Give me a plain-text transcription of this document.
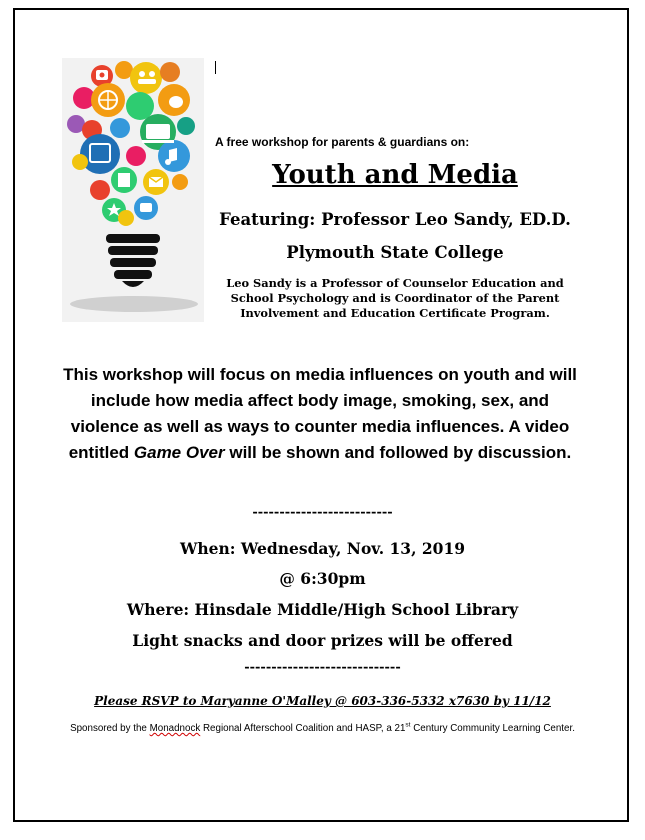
A free workshop for parents & guardians on:
Youth and Media
Featuring: Professor Leo Sandy, ED.D.
Plymouth State College
Leo Sandy is a Professor of Counselor Education and School Psychology and is Coordinator of the Parent Involvement and Education Certificate Program.
This workshop will focus on media influences on youth and will include how media affect body image, smoking, sex, and violence as well as ways to counter media influences. A video entitled Game Over will be shown and followed by discussion.
--------------------------
When: Wednesday, Nov. 13, 2019
@ 6:30pm
Where: Hinsdale Middle/High School Library
Light snacks and door prizes will be offered
-----------------------------
Please RSVP to Maryanne O'Malley @ 603-336-5332 x7630 by 11/12
Sponsored by the Monadnock Regional Afterschool Coalition and HASP, a 21st Century Community Learning Center.
